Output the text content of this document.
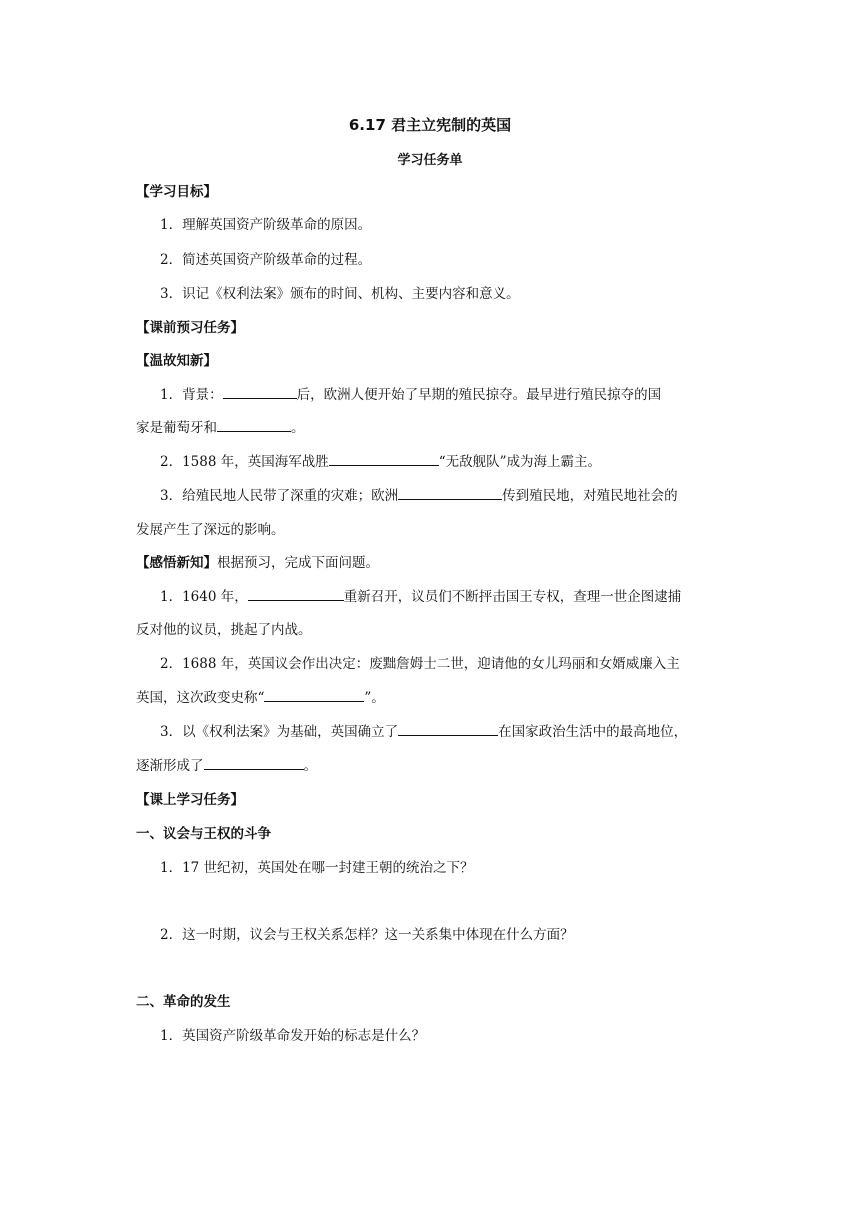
6.17 君主立宪制的英国
学习任务单
【学习目标】
1．理解英国资产阶级革命的原因。
2．简述英国资产阶级革命的过程。
3．识记《权利法案》颁布的时间、机构、主要内容和意义。
【课前预习任务】
【温故知新】
1．背景：	后，欧洲人便开始了早期的殖民掠夺。最早进行殖民掠夺的国
家是葡萄牙和	。
2．1588 年，英国海军战胜	“无敌舰队”成为海上霸主。
3．给殖民地人民带了深重的灾难；欧洲	传到殖民地，对殖民地社会的
发展产生了深远的影响。
【感悟新知】根据预习，完成下面问题。
1．1640 年，	重新召开，议员们不断抨击国王专权，查理一世企图逮捕
反对他的议员，挑起了内战。
2．1688 年，英国议会作出决定：废黜詹姆士二世，迎请他的女儿玛丽和女婿威廉入主
英国，这次政变史称“	”。
3．以《权利法案》为基础，英国确立了	在国家政治生活中的最高地位，
逐渐形成了	。
【课上学习任务】
一、议会与王权的斗争
1．17 世纪初，英国处在哪一封建王朝的统治之下？
2．这一时期，议会与王权关系怎样？这一关系集中体现在什么方面？
二、革命的发生
1．英国资产阶级革命发开始的标志是什么？
